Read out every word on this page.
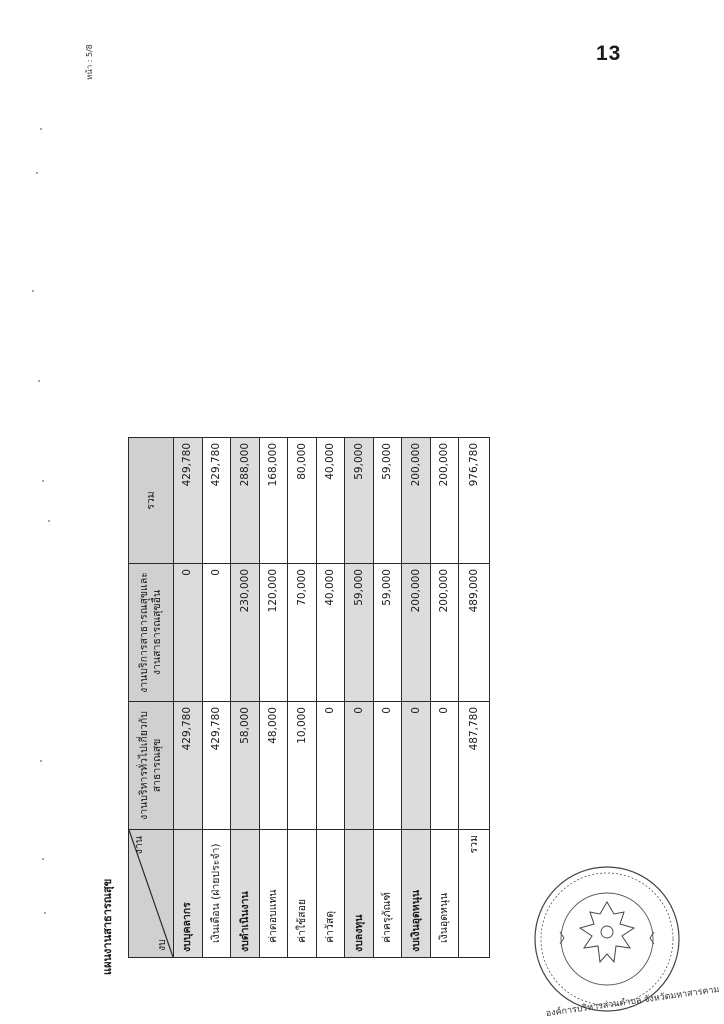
13
หน้า : 5/8
แผนงานสาธารณสุข
งาน
งบ	งานบริหารทั่วไปเกี่ยวกับสาธารณสุข	งานบริการสาธารณสุขและงานสาธารณสุขอื่น	รวม
งบบุคลากร	429,780	0	429,780
เงินเดือน (ฝ่ายประจำ)	429,780	0	429,780
งบดำเนินงาน	58,000	230,000	288,000
ค่าตอบแทน	48,000	120,000	168,000
ค่าใช้สอย	10,000	70,000	80,000
ค่าวัสดุ	0	40,000	40,000
งบลงทุน	0	59,000	59,000
ค่าครุภัณฑ์	0	59,000	59,000
งบเงินอุดหนุน	0	200,000	200,000
เงินอุดหนุน	0	200,000	200,000
รวม	487,780	489,000	976,780
องค์การบริหารส่วนตำบล จังหวัดมหาสารคาม
